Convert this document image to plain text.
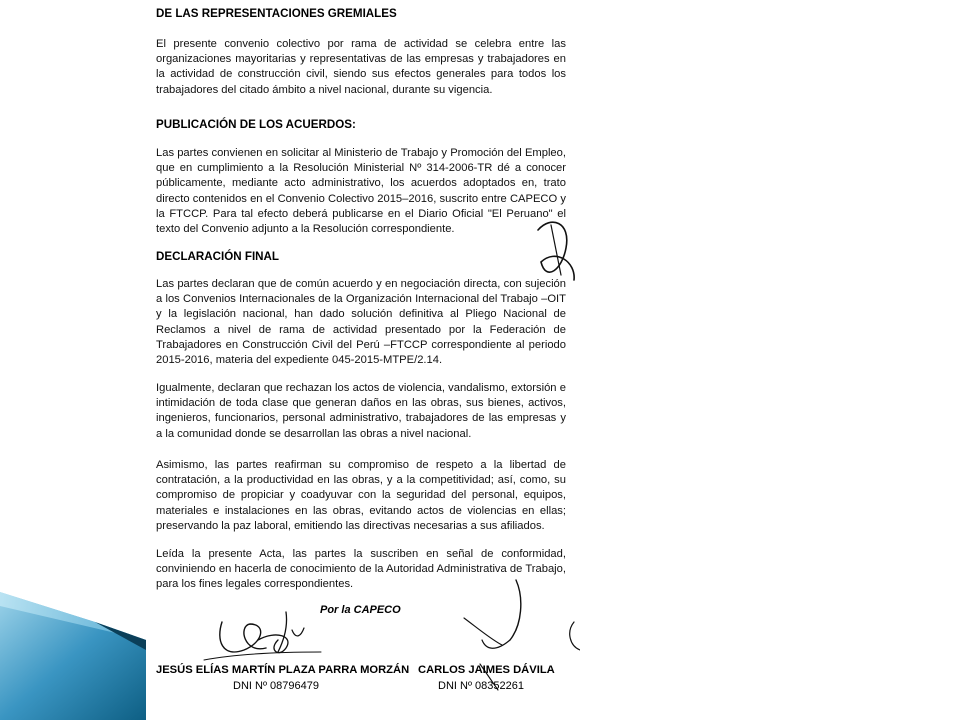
DE LAS REPRESENTACIONES GREMIALES
El presente convenio colectivo por rama de actividad se celebra entre las organizaciones mayoritarias y representativas de las empresas y trabajadores en la actividad de construcción civil, siendo sus efectos generales para todos los trabajadores del citado ámbito a nivel nacional, durante su vigencia.
PUBLICACIÓN DE LOS ACUERDOS:
Las partes convienen en solicitar al Ministerio de Trabajo y Promoción del Empleo, que en cumplimiento a la Resolución Ministerial Nº 314-2006-TR dé a conocer públicamente, mediante acto administrativo, los acuerdos adoptados en, trato directo contenidos en el Convenio Colectivo 2015–2016, suscrito entre CAPECO y la FTCCP. Para tal efecto deberá publicarse en el Diario Oficial "El Peruano" el texto del Convenio adjunto a la Resolución correspondiente.
DECLARACIÓN FINAL
Las partes declaran que de común acuerdo y en negociación directa, con sujeción a los Convenios Internacionales de la Organización Internacional del Trabajo –OIT y la legislación nacional, han dado solución definitiva al Pliego Nacional de Reclamos a nivel de rama de actividad presentado por la Federación de Trabajadores en Construcción Civil del Perú –FTCCP correspondiente al periodo 2015-2016, materia del expediente 045-2015-MTPE/2.14.
Igualmente, declaran que rechazan los actos de violencia, vandalismo, extorsión e intimidación de toda clase que generan daños en las obras, sus bienes, activos, ingenieros, funcionarios, personal administrativo, trabajadores de las empresas y a la comunidad donde se desarrollan las obras a nivel nacional.
Asimismo, las partes reafirman su compromiso de respeto a la libertad de contratación, a la productividad en las obras, y a la competitividad; así, como, su compromiso de propiciar y coadyuvar con la seguridad del personal, equipos, materiales e instalaciones en las obras, evitando actos de violencias en ellas; preservando la paz laboral, emitiendo las directivas necesarias a sus afiliados.
Leída la presente Acta, las partes la suscriben en señal de conformidad, conviniendo en hacerla de conocimiento de la Autoridad Administrativa de Trabajo, para los fines legales correspondientes.
Por la CAPECO
JESÚS ELÍAS MARTÍN PLAZA PARRA MORZÁN
DNI Nº 08796479
CARLOS JAIMES DÁVILA
DNI Nº 08352261
